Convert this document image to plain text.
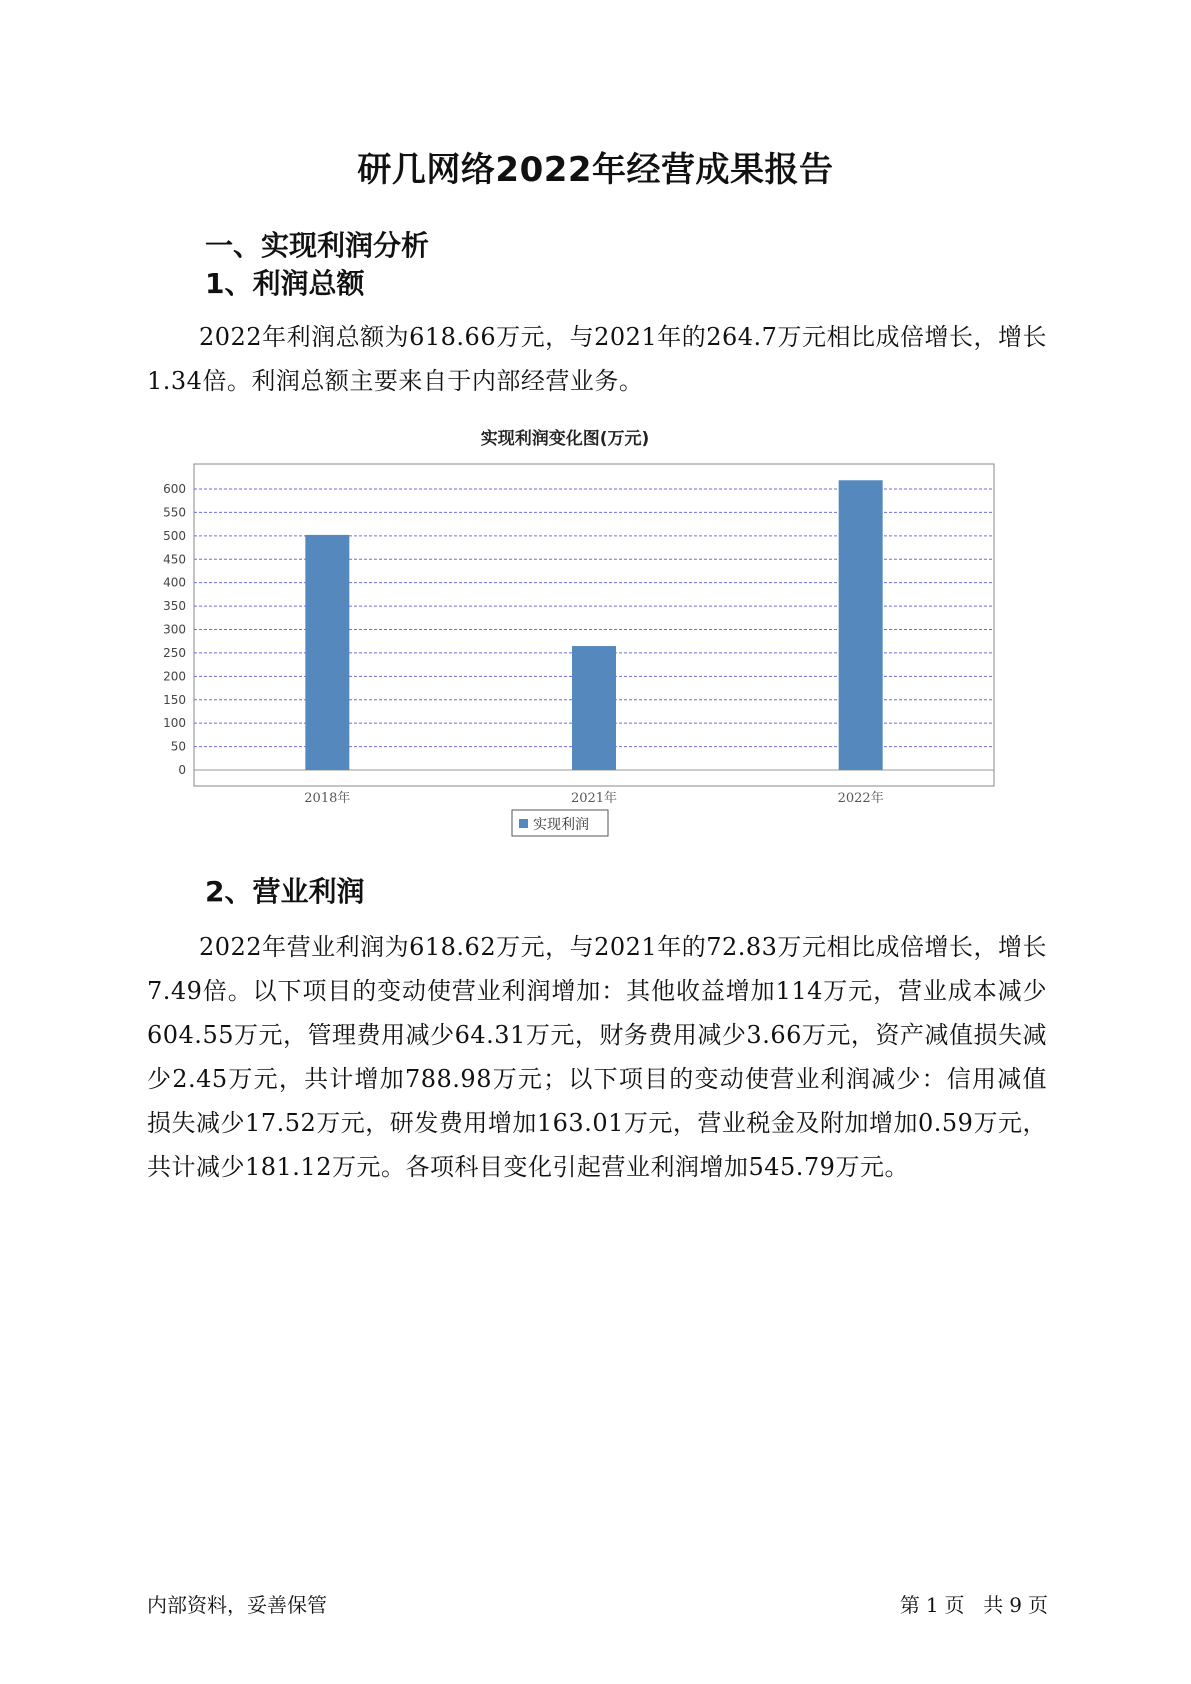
研几网络2022年经营成果报告
一、实现利润分析
1、利润总额
2022年利润总额为618.66万元，与2021年的264.7万元相比成倍增长，增长1.34倍。利润总额主要来自于内部经营业务。
实现利润变化图(万元)
0
50
100
150
200
250
300
350
400
450
500
550
600
2018年	2021年	2022年
实现利润
2、营业利润
2022年营业利润为618.62万元，与2021年的72.83万元相比成倍增长，增长7.49倍。以下项目的变动使营业利润增加：其他收益增加114万元，营业成本减少604.55万元，管理费用减少64.31万元，财务费用减少3.66万元，资产减值损失减少2.45万元，共计增加788.98万元；以下项目的变动使营业利润减少：信用减值损失减少17.52万元，研发费用增加163.01万元，营业税金及附加增加0.59万元，共计减少181.12万元。各项科目变化引起营业利润增加545.79万元。
内部资料，妥善保管	第 1 页 共 9 页
